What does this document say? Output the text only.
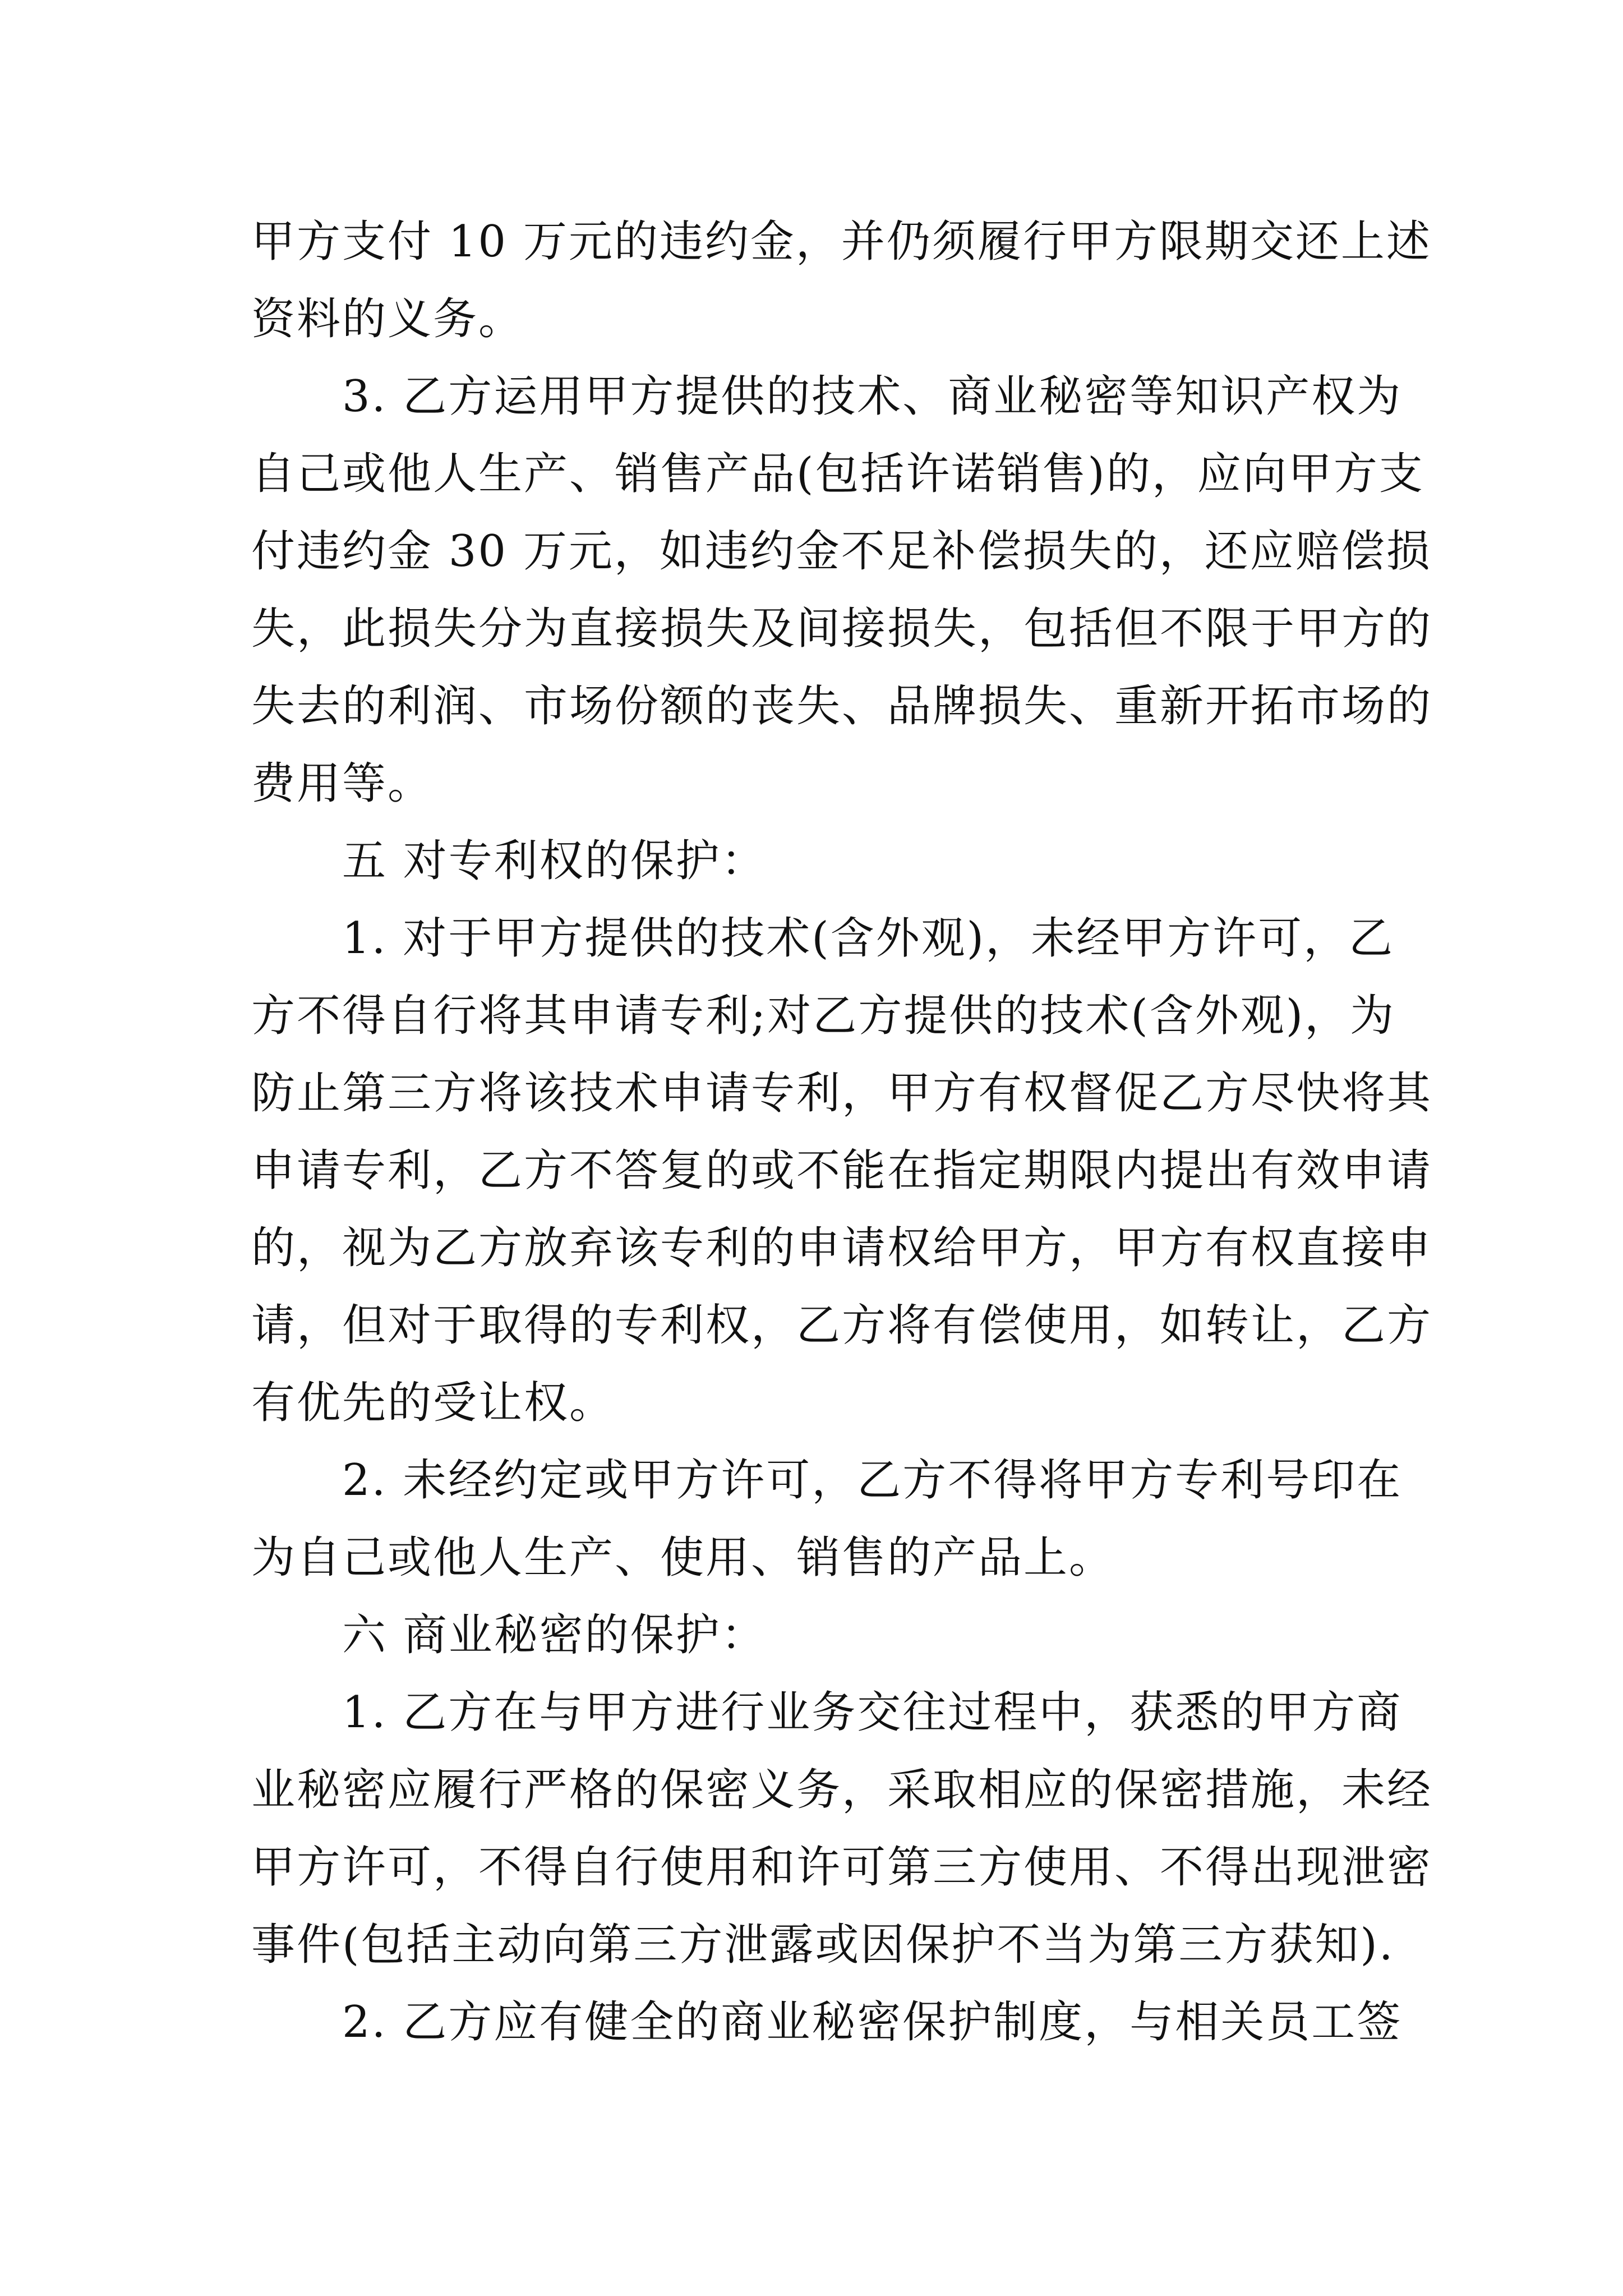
甲方支付 10 万元的违约金，并仍须履行甲方限期交还上述
资料的义务。
3. 乙方运用甲方提供的技术、商业秘密等知识产权为
自己或他人生产、销售产品(包括许诺销售)的，应向甲方支
付违约金 30 万元，如违约金不足补偿损失的，还应赔偿损
失，此损失分为直接损失及间接损失，包括但不限于甲方的
失去的利润、市场份额的丧失、品牌损失、重新开拓市场的
费用等。
五 对专利权的保护：
1. 对于甲方提供的技术(含外观)，未经甲方许可，乙
方不得自行将其申请专利;对乙方提供的技术(含外观)，为
防止第三方将该技术申请专利，甲方有权督促乙方尽快将其
申请专利，乙方不答复的或不能在指定期限内提出有效申请
的，视为乙方放弃该专利的申请权给甲方，甲方有权直接申
请，但对于取得的专利权，乙方将有偿使用，如转让，乙方
有优先的受让权。
2. 未经约定或甲方许可，乙方不得将甲方专利号印在
为自己或他人生产、使用、销售的产品上。
六 商业秘密的保护：
1. 乙方在与甲方进行业务交往过程中，获悉的甲方商
业秘密应履行严格的保密义务，采取相应的保密措施，未经
甲方许可，不得自行使用和许可第三方使用、不得出现泄密
事件(包括主动向第三方泄露或因保护不当为第三方获知).
2. 乙方应有健全的商业秘密保护制度，与相关员工签
